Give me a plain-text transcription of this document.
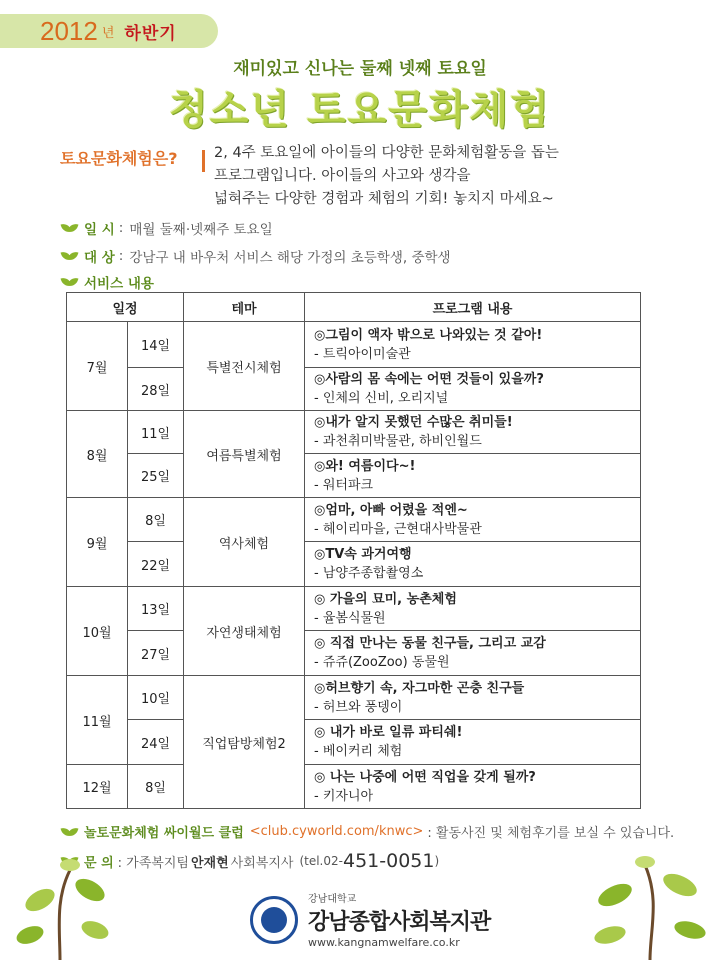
2012 년 하반기
재미있고 신나는 둘째 넷째 토요일
청소년 토요문화체험
토요문화체험은?	2, 4주 토요일에 아이들의 다양한 문화체험활동을 돕는
프로그램입니다. 아이들의 사고와 생각을
넓혀주는 다양한 경험과 체험의 기회! 놓치지 마세요~
일 시 : 매월 둘째·넷째주 토요일
대 상 : 강남구 내 바우처 서비스 해당 가정의 초등학생, 중학생
서비스 내용
일정		테마	프로그램 내용
7월	14일	특별전시체험	◎그림이 액자 밖으로 나와있는 것 같아!
- 트릭아이미술관

	28일		◎사람의 몸 속에는 어떤 것들이 있을까?
- 인체의 신비, 오리지널

8월	11일	여름특별체험	◎내가 알지 못했던 수많은 취미들!
- 과천취미박물관, 하비인월드

	25일		◎와! 여름이다~!
- 워터파크

9월	8일	역사체험	◎엄마, 아빠 어렸을 적엔~
- 헤이리마을, 근현대사박물관

	22일		◎TV속 과거여행
- 남양주종합촬영소

10월	13일	자연생태체험	◎ 가을의 묘미, 농촌체험
- 율봄식물원

	27일		◎ 직접 만나는 동물 친구들, 그리고 교감
- 쥬쥬(ZooZoo) 동물원

11월	10일	직업탐방체험2	◎허브향기 속, 자그마한 곤충 친구들
- 허브와 풍뎅이

	24일		◎ 내가 바로 일류 파티쉐!
- 베이커리 체험

12월	8일		◎ 나는 나중에 어떤 직업을 갖게 될까?
- 키자니아
놀토문화체험 싸이월드 클럽 <club.cyworld.com/knwc> : 활동사진 및 체험후기를 보실 수 있습니다.
문 의 : 가족복지팀 안재현 사회복지사 (tel.02- 451-0051 )
강남대학교
강남종합사회복지관
www.kangnamwelfare.co.kr
